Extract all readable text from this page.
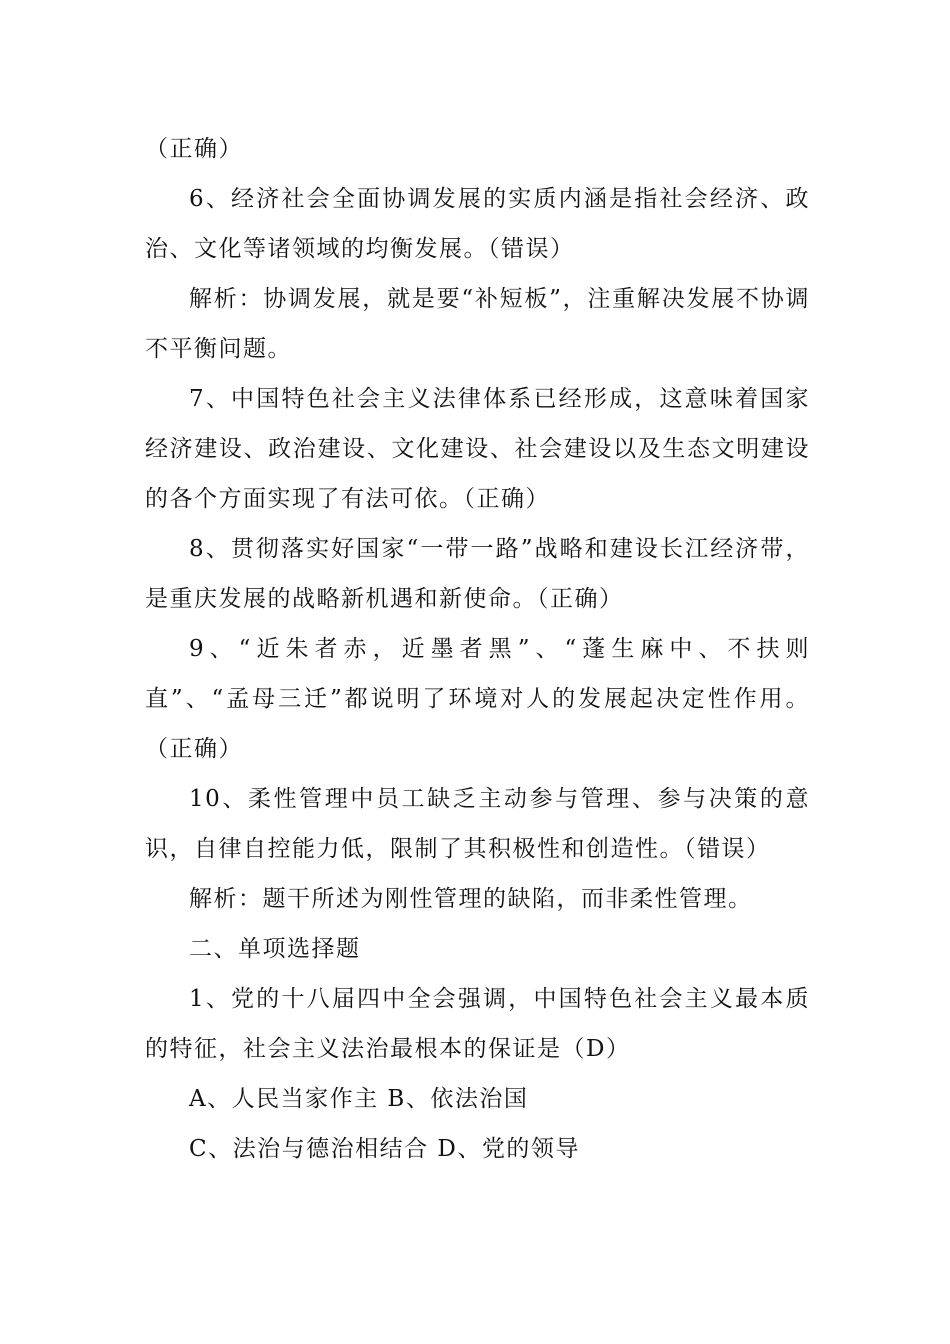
（正确）

6、经济社会全面协调发展的实质内涵是指社会经济、政治、文化等诸领域的均衡发展。（错误）

解析：协调发展，就是要“补短板”，注重解决发展不协调不平衡问题。

7、中国特色社会主义法律体系已经形成，这意味着国家经济建设、政治建设、文化建设、社会建设以及生态文明建设的各个方面实现了有法可依。（正确）

8、贯彻落实好国家“一带一路”战略和建设长江经济带，是重庆发展的战略新机遇和新使命。（正确）

9、“近朱者赤，近墨者黑”、“蓬生麻中、不扶则直”、“孟母三迁”都说明了环境对人的发展起决定性作用。（正确）

10、柔性管理中员工缺乏主动参与管理、参与决策的意识，自律自控能力低，限制了其积极性和创造性。（错误）

解析：题干所述为刚性管理的缺陷，而非柔性管理。

二、单项选择题

1、党的十八届四中全会强调，中国特色社会主义最本质的特征，社会主义法治最根本的保证是（D）

A、人民当家作主 B、依法治国

C、法治与德治相结合 D、党的领导
